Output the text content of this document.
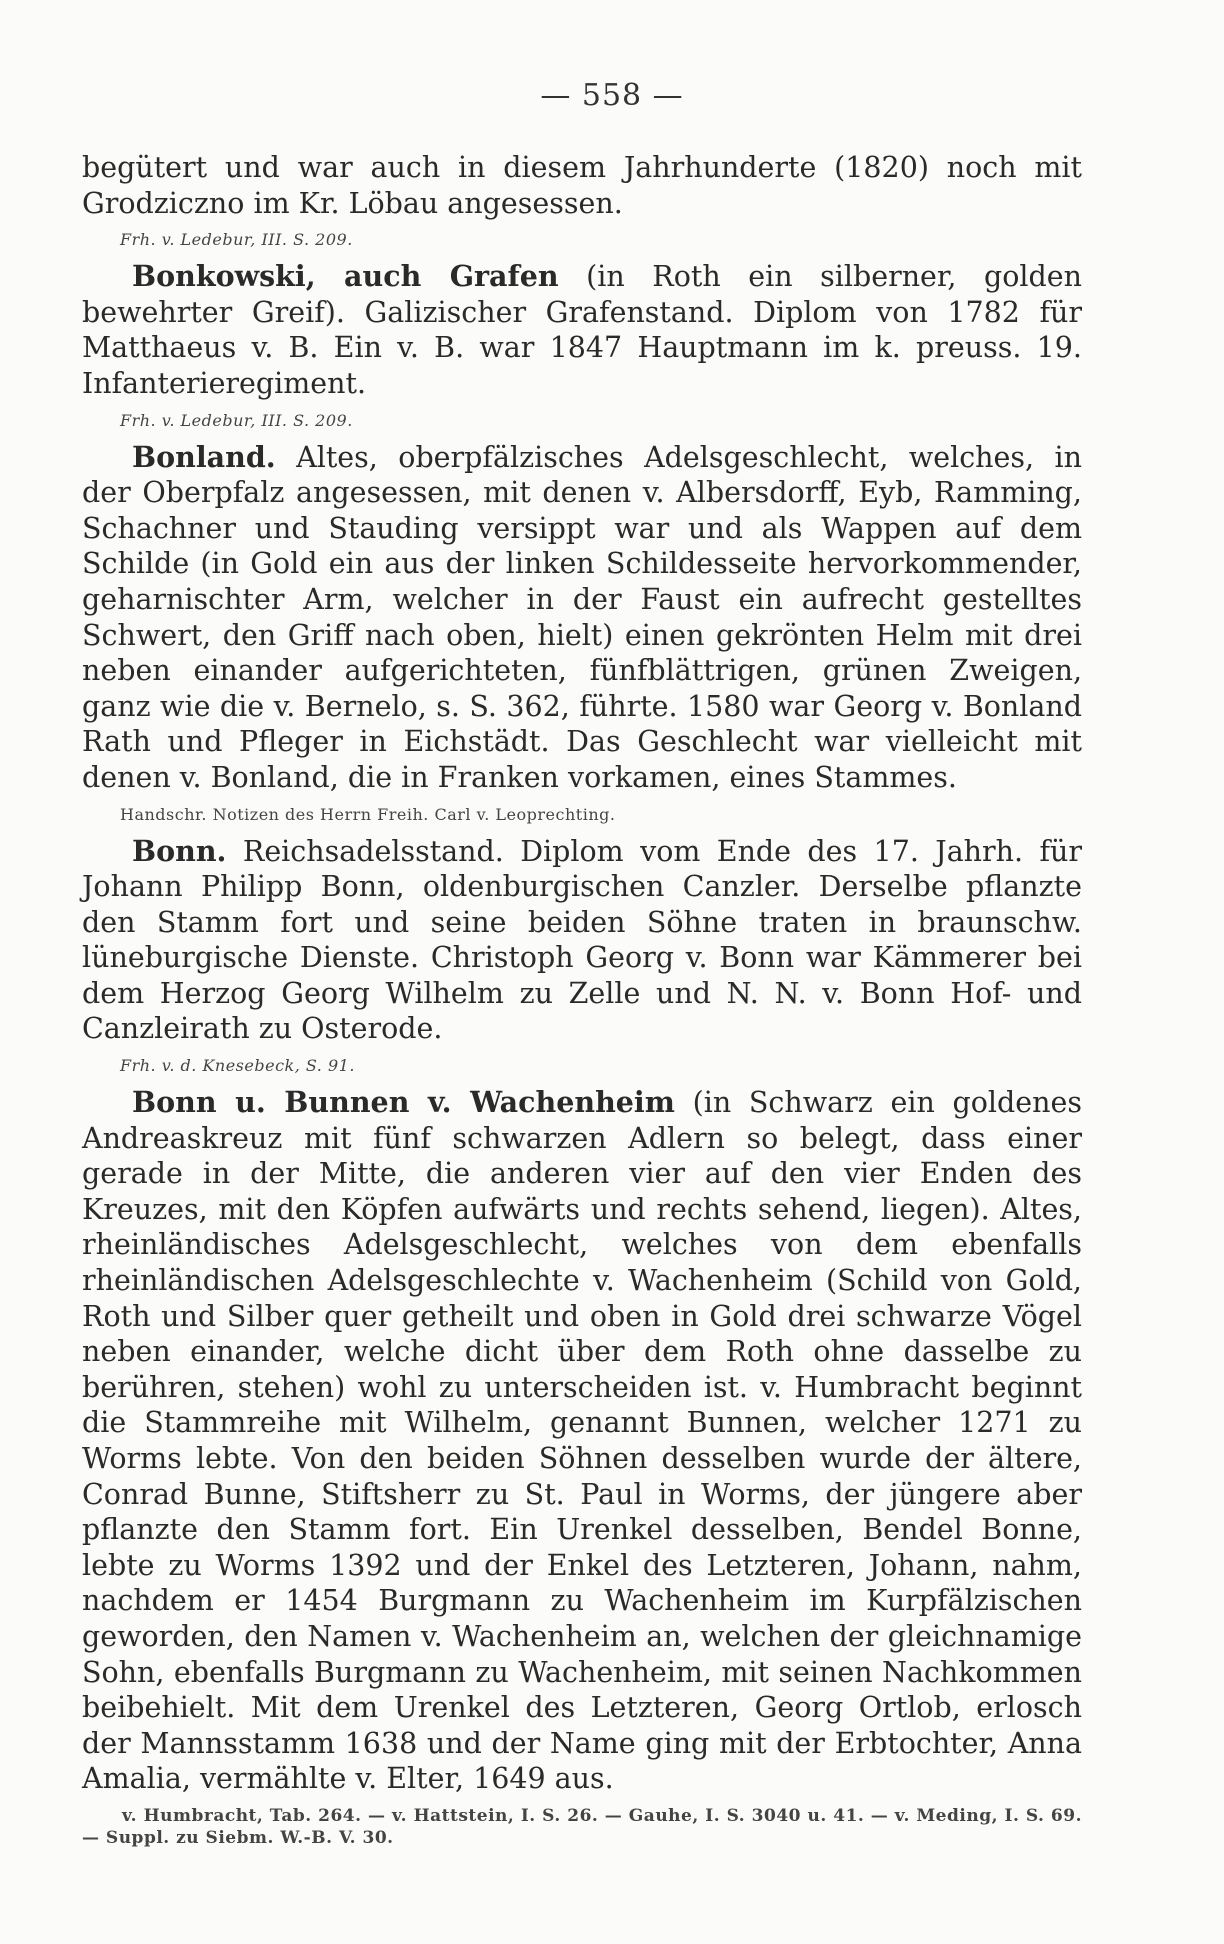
— 558 —

begütert und war auch in diesem Jahrhunderte (1820) noch mit Grodziczno im Kr. Löbau angesessen.

Frh. v. Ledebur, III. S. 209.

Bonkowski, auch Grafen (in Roth ein silberner, golden bewehrter Greif). Galizischer Grafenstand. Diplom von 1782 für Matthaeus v. B. Ein v. B. war 1847 Hauptmann im k. preuss. 19. Infanterieregiment.

Frh. v. Ledebur, III. S. 209.

Bonland. Altes, oberpfälzisches Adelsgeschlecht, welches, in der Oberpfalz angesessen, mit denen v. Albersdorff, Eyb, Ramming, Schachner und Stauding versippt war und als Wappen auf dem Schilde (in Gold ein aus der linken Schildesseite hervorkommender, geharnischter Arm, welcher in der Faust ein aufrecht gestelltes Schwert, den Griff nach oben, hielt) einen gekrönten Helm mit drei neben einander aufgerichteten, fünfblättrigen, grünen Zweigen, ganz wie die v. Bernelo, s. S. 362, führte. 1580 war Georg v. Bonland Rath und Pfleger in Eichstädt. Das Geschlecht war vielleicht mit denen v. Bonland, die in Franken vorkamen, eines Stammes.

Handschr. Notizen des Herrn Freih. Carl v. Leoprechting.

Bonn. Reichsadelsstand. Diplom vom Ende des 17. Jahrh. für Johann Philipp Bonn, oldenburgischen Canzler. Derselbe pflanzte den Stamm fort und seine beiden Söhne traten in braunschw. lüneburgische Dienste. Christoph Georg v. Bonn war Kämmerer bei dem Herzog Georg Wilhelm zu Zelle und N. N. v. Bonn Hof- und Canzleirath zu Osterode.

Frh. v. d. Knesebeck, S. 91.

Bonn u. Bunnen v. Wachenheim (in Schwarz ein goldenes Andreaskreuz mit fünf schwarzen Adlern so belegt, dass einer gerade in der Mitte, die anderen vier auf den vier Enden des Kreuzes, mit den Köpfen aufwärts und rechts sehend, liegen). Altes, rheinländisches Adelsgeschlecht, welches von dem ebenfalls rheinländischen Adelsgeschlechte v. Wachenheim (Schild von Gold, Roth und Silber quer getheilt und oben in Gold drei schwarze Vögel neben einander, welche dicht über dem Roth ohne dasselbe zu berühren, stehen) wohl zu unterscheiden ist. v. Humbracht beginnt die Stammreihe mit Wilhelm, genannt Bunnen, welcher 1271 zu Worms lebte. Von den beiden Söhnen desselben wurde der ältere, Conrad Bunne, Stiftsherr zu St. Paul in Worms, der jüngere aber pflanzte den Stamm fort. Ein Urenkel desselben, Bendel Bonne, lebte zu Worms 1392 und der Enkel des Letzteren, Johann, nahm, nachdem er 1454 Burgmann zu Wachenheim im Kurpfälzischen geworden, den Namen v. Wachenheim an, welchen der gleichnamige Sohn, ebenfalls Burgmann zu Wachenheim, mit seinen Nachkommen beibehielt. Mit dem Urenkel des Letzteren, Georg Ortlob, erlosch der Mannsstamm 1638 und der Name ging mit der Erbtochter, Anna Amalia, vermählte v. Elter, 1649 aus.

v. Humbracht, Tab. 264. — v. Hattstein, I. S. 26. — Gauhe, I. S. 3040 u. 41. — v. Meding, I. S. 69. — Suppl. zu Siebm. W.-B. V. 30.
